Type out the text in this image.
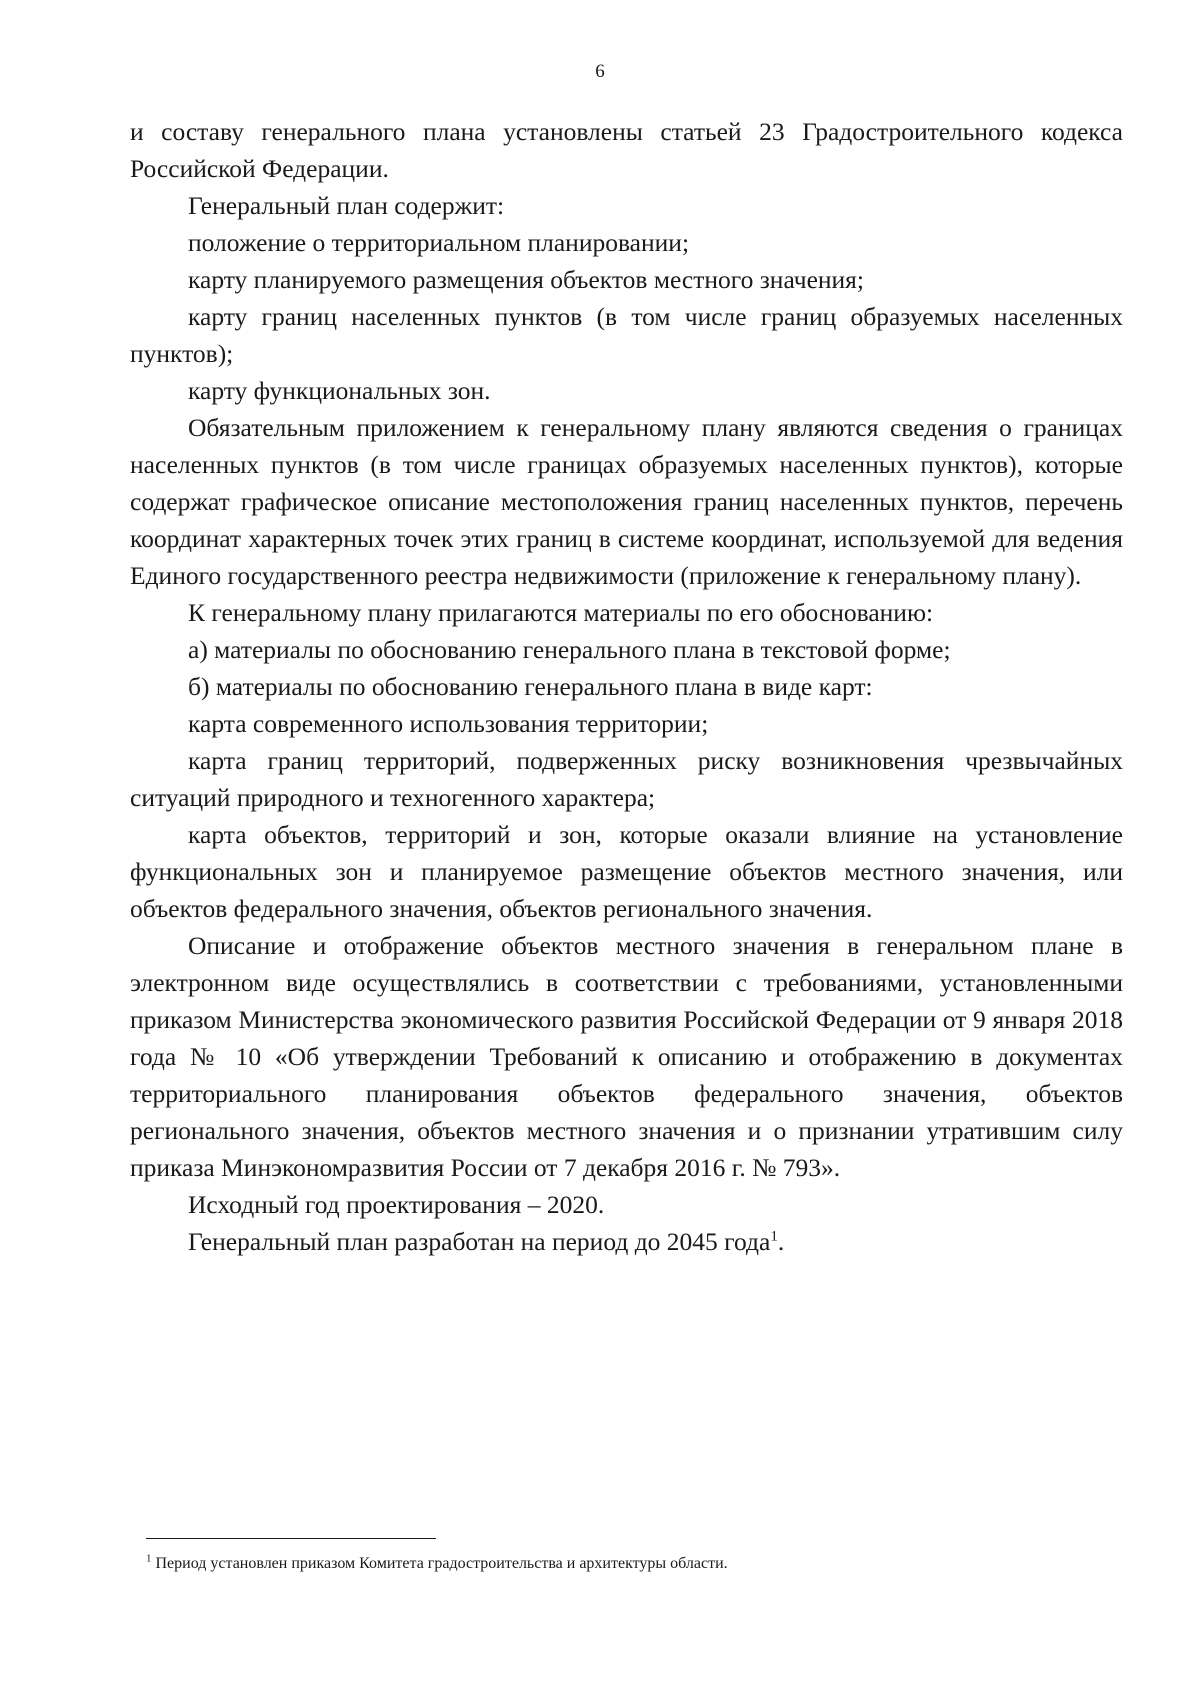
6

и составу генерального плана установлены статьей 23 Градостроительного кодекса Российской Федерации.

Генеральный план содержит:

положение о территориальном планировании;

карту планируемого размещения объектов местного значения;

карту границ населенных пунктов (в том числе границ образуемых населенных пунктов);

карту функциональных зон.

Обязательным приложением к генеральному плану являются сведения о границах населенных пунктов (в том числе границах образуемых населенных пунктов), которые содержат графическое описание местоположения границ населенных пунктов, перечень координат характерных точек этих границ в системе координат, используемой для ведения Единого государственного реестра недвижимости (приложение к генеральному плану).

К генеральному плану прилагаются материалы по его обоснованию:

а) материалы по обоснованию генерального плана в текстовой форме;

б) материалы по обоснованию генерального плана в виде карт:

карта современного использования территории;

карта границ территорий, подверженных риску возникновения чрезвычайных ситуаций природного и техногенного характера;

карта объектов, территорий и зон, которые оказали влияние на установление функциональных зон и планируемое размещение объектов местного значения, или объектов федерального значения, объектов регионального значения.

Описание и отображение объектов местного значения в генеральном плане в электронном виде осуществлялись в соответствии с требованиями, установленными приказом Министерства экономического развития Российской Федерации от 9 января 2018 года № 10 «Об утверждении Требований к описанию и отображению в документах территориального планирования объектов федерального значения, объектов регионального значения, объектов местного значения и о признании утратившим силу приказа Минэкономразвития России от 7 декабря 2016 г. № 793».

Исходный год проектирования – 2020.

Генеральный план разработан на период до 2045 года$^1$.

$^1$ Период установлен приказом Комитета градостроительства и архитектуры области.
